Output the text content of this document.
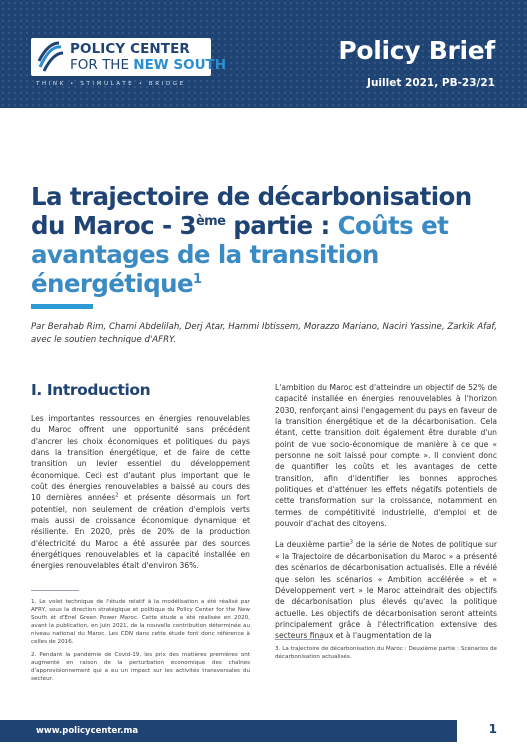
POLICY CENTER
FOR THE NEW SOUTH
THINK • STIMULATE • BRIDGE
Policy Brief
Juillet 2021, PB-23/21
La trajectoire de décarbonisation du Maroc - 3ème partie : Coûts et avantages de la transition énergétique$^1$
Par Berahab Rim, Chami Abdelilah, Derj Atar, Hammi Ibtissem, Morazzo Mariano, Naciri Yassine, Zarkik Afaf, avec le soutien technique d'AFRY.
I. Introduction

Les importantes ressources en énergies renouvelables du Maroc offrent une opportunité sans précédent d'ancrer les choix économiques et politiques du pays dans la transition énergétique, et de faire de cette transition un levier essentiel du développement économique. Ceci est d'autant plus important que le coût des énergies renouvelables a baissé au cours des 10 dernières années$^2$ et présente désormais un fort potentiel, non seulement de création d'emplois verts mais aussi de croissance économique dynamique et résiliente. En 2020, près de 20% de la production d'électricité du Maroc a été assurée par des sources énergétiques renouvelables et la capacité installée en énergies renouvelables était d'environ 36%.

L'ambition du Maroc est d'atteindre un objectif de 52% de capacité installée en énergies renouvelables à l'horizon 2030, renforçant ainsi l'engagement du pays en faveur de la transition énergétique et de la décarbonisation. Cela étant, cette transition doit également être durable d'un point de vue socio-économique de manière à ce que « personne ne soit laissé pour compte ». Il convient donc de quantifier les coûts et les avantages de cette transition, afin d'identifier les bonnes approches politiques et d'atténuer les effets négatifs potentiels de cette transformation sur la croissance, notamment en termes de compétitivité industrielle, d'emploi et de pouvoir d'achat des citoyens.

La deuxième partie$^3$ de la série de Notes de politique sur « la Trajectoire de décarbonisation du Maroc » a présenté des scénarios de décarbonisation actualisés. Elle a révélé que selon les scénarios « Ambition accélérée » et « Développement vert » le Maroc atteindrait des objectifs de décarbonisation plus élevés qu'avec la politique actuelle. Les objectifs de décarbonisation seront atteints principalement grâce à l'électrification extensive des secteurs finaux et à l'augmentation de la

1. Le volet technique de l'étude relatif à la modélisation a été réalisé par AFRY, sous la direction stratégique et politique du Policy Center for the New South et d'Enel Green Power Maroc. Cette étude a été réalisée en 2020, avant la publication, en juin 2021, de la nouvelle contribution déterminée au niveau national du Maroc. Les CDN dans cette étude font donc référence à celles de 2016.

2. Pendant la pandémie de Covid-19, les prix des matières premières ont augmenté en raison de la perturbation économique des chaînes d'approvisionnement qui a eu un impact sur les activités transversales du secteur.

3. La trajectoire de décarbonisation du Maroc : Deuxième partie : Scénarios de décarbonisation actualisés.

www.policycenter.ma	1
